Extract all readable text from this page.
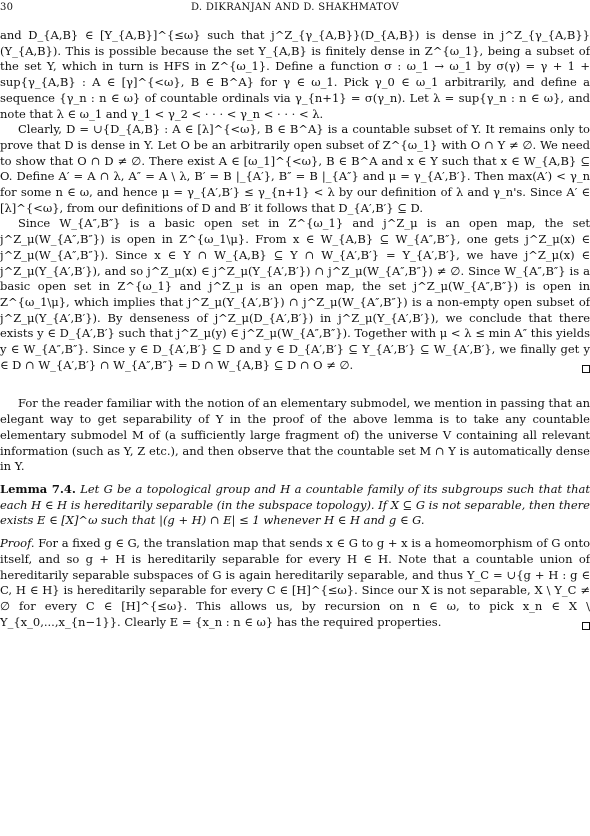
30	D. DIKRANJAN AND D. SHAKHMATOV

and D_{A,B} ∈ [Y_{A,B}]^{≤ω} such that j^Z_{γ_{A,B}}(D_{A,B}) is dense in j^Z_{γ_{A,B}}(Y_{A,B}). This is possible because the set Y_{A,B} is finitely dense in Z^{ω_1}, being a subset of the set Y, which in turn is HFS in Z^{ω_1}. Define a function σ : ω_1 → ω_1 by σ(γ) = γ + 1 + sup{γ_{A,B} : A ∈ [γ]^{<ω}, B ∈ B^A} for γ ∈ ω_1. Pick γ_0 ∈ ω_1 arbitrarily, and define a sequence {γ_n : n ∈ ω} of countable ordinals via γ_{n+1} = σ(γ_n). Let λ = sup{γ_n : n ∈ ω}, and note that λ ∈ ω_1 and γ_1 < γ_2 < · · · < γ_n < · · · < λ.

Clearly, D = ∪{D_{A,B} : A ∈ [λ]^{<ω}, B ∈ B^A} is a countable subset of Y. It remains only to prove that D is dense in Y. Let O be an arbitrarily open subset of Z^{ω_1} with O ∩ Y ≠ ∅. We need to show that O ∩ D ≠ ∅. There exist A ∈ [ω_1]^{<ω}, B ∈ B^A and x ∈ Y such that x ∈ W_{A,B} ⊆ O. Define A′ = A ∩ λ, A″ = A \ λ, B′ = B |_{A′}, B″ = B |_{A″} and μ = γ_{A′,B′}. Then max(A′) < γ_n for some n ∈ ω, and hence μ = γ_{A′,B′} ≤ γ_{n+1} < λ by our definition of λ and γ_n's. Since A′ ∈ [λ]^{<ω}, from our definitions of D and B′ it follows that D_{A′,B′} ⊆ D.

Since W_{A″,B″} is a basic open set in Z^{ω_1} and j^Z_μ is an open map, the set j^Z_μ(W_{A″,B″}) is open in Z^{ω_1\μ}. From x ∈ W_{A,B} ⊆ W_{A″,B″}, one gets j^Z_μ(x) ∈ j^Z_μ(W_{A″,B″}). Since x ∈ Y ∩ W_{A,B} ⊆ Y ∩ W_{A′,B′} = Y_{A′,B′}, we have j^Z_μ(x) ∈ j^Z_μ(Y_{A′,B′}), and so j^Z_μ(x) ∈ j^Z_μ(Y_{A′,B′}) ∩ j^Z_μ(W_{A″,B″}) ≠ ∅. Since W_{A″,B″} is a basic open set in Z^{ω_1} and j^Z_μ is an open map, the set j^Z_μ(W_{A″,B″}) is open in Z^{ω_1\μ}, which implies that j^Z_μ(Y_{A′,B′}) ∩ j^Z_μ(W_{A″,B″}) is a non-empty open subset of j^Z_μ(Y_{A′,B′}). By denseness of j^Z_μ(D_{A′,B′}) in j^Z_μ(Y_{A′,B′}), we conclude that there exists y ∈ D_{A′,B′} such that j^Z_μ(y) ∈ j^Z_μ(W_{A″,B″}). Together with μ < λ ≤ min A″ this yields y ∈ W_{A″,B″}. Since y ∈ D_{A′,B′} ⊆ D and y ∈ D_{A′,B′} ⊆ Y_{A′,B′} ⊆ W_{A′,B′}, we finally get y ∈ D ∩ W_{A′,B′} ∩ W_{A″,B″} = D ∩ W_{A,B} ⊆ D ∩ O ≠ ∅.

For the reader familiar with the notion of an elementary submodel, we mention in passing that an elegant way to get separability of Y in the proof of the above lemma is to take any countable elementary submodel M of (a sufficiently large fragment of) the universe V containing all relevant information (such as Y, Z etc.), and then observe that the countable set M ∩ Y is automatically dense in Y.

Lemma 7.4. Let G be a topological group and H a countable family of its subgroups such that that each H ∈ H is hereditarily separable (in the subspace topology). If X ⊆ G is not separable, then there exists E ∈ [X]^ω such that |(g + H) ∩ E| ≤ 1 whenever H ∈ H and g ∈ G.

Proof. For a fixed g ∈ G, the translation map that sends x ∈ G to g + x is a homeomorphism of G onto itself, and so g + H is hereditarily separable for every H ∈ H. Note that a countable union of hereditarily separable subspaces of G is again hereditarily separable, and thus Y_C = ∪{g + H : g ∈ C, H ∈ H} is hereditarily separable for every C ∈ [H]^{≤ω}. Since our X is not separable, X \ Y_C ≠ ∅ for every C ∈ [H]^{≤ω}. This allows us, by recursion on n ∈ ω, to pick x_n ∈ X \ Y_{x_0,...,x_{n−1}}. Clearly E = {x_n : n ∈ ω} has the required properties.
